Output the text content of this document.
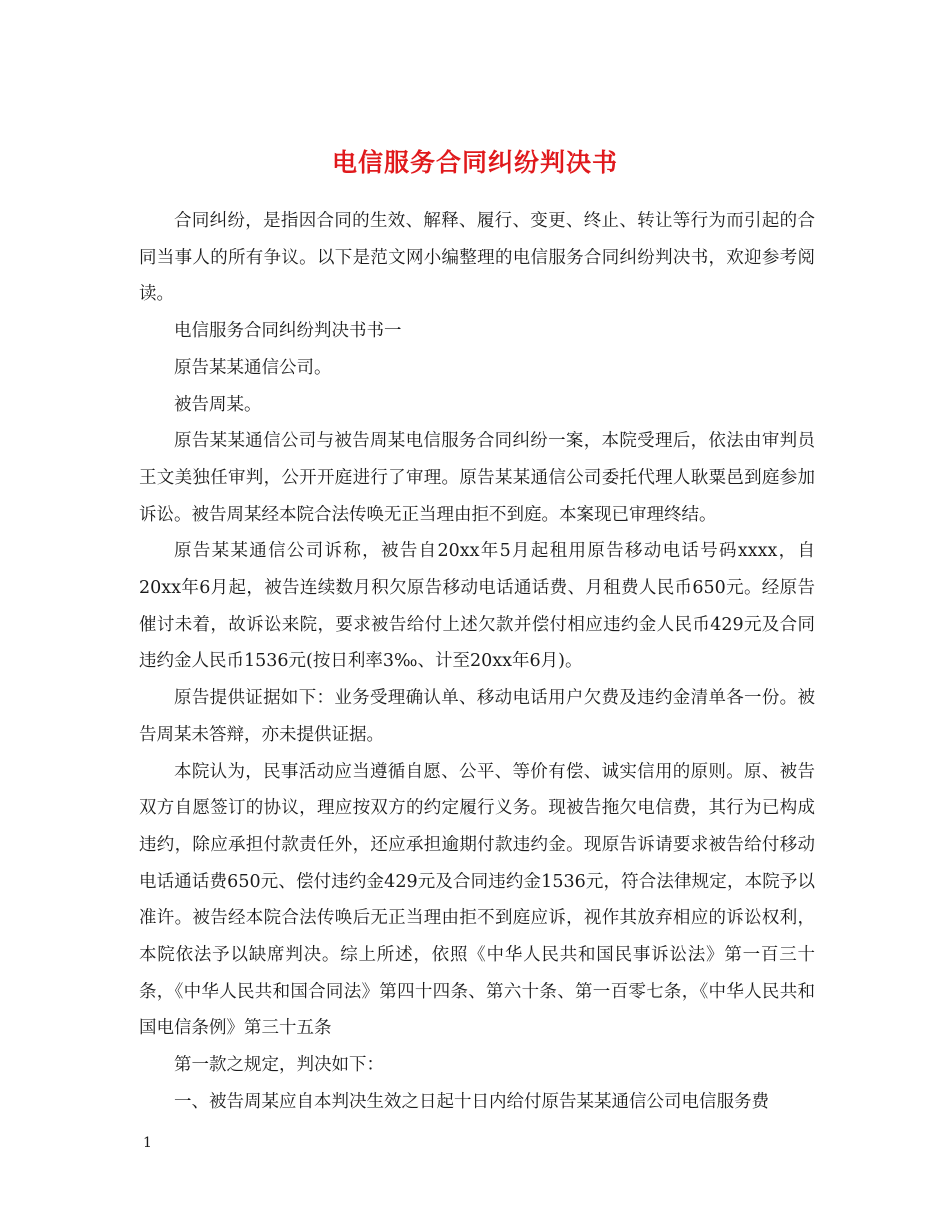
电信服务合同纠纷判决书

合同纠纷，是指因合同的生效、解释、履行、变更、终止、转让等行为而引起的合同当事人的所有争议。以下是范文网小编整理的电信服务合同纠纷判决书，欢迎参考阅读。

电信服务合同纠纷判决书书一

原告某某通信公司。

被告周某。

原告某某通信公司与被告周某电信服务合同纠纷一案，本院受理后，依法由审判员王文美独任审判，公开开庭进行了审理。原告某某通信公司委托代理人耿粟邑到庭参加诉讼。被告周某经本院合法传唤无正当理由拒不到庭。本案现已审理终结。

原告某某通信公司诉称，被告自20xx年5月起租用原告移动电话号码xxxx，自20xx年6月起，被告连续数月积欠原告移动电话通话费、月租费人民币650元。经原告催讨未着，故诉讼来院，要求被告给付上述欠款并偿付相应违约金人民币429元及合同违约金人民币1536元(按日利率3‰、计至20xx年6月)。

原告提供证据如下：业务受理确认单、移动电话用户欠费及违约金清单各一份。被告周某未答辩，亦未提供证据。

本院认为，民事活动应当遵循自愿、公平、等价有偿、诚实信用的原则。原、被告双方自愿签订的协议，理应按双方的约定履行义务。现被告拖欠电信费，其行为已构成违约，除应承担付款责任外，还应承担逾期付款违约金。现原告诉请要求被告给付移动电话通话费650元、偿付违约金429元及合同违约金1536元，符合法律规定，本院予以准许。被告经本院合法传唤后无正当理由拒不到庭应诉，视作其放弃相应的诉讼权利，本院依法予以缺席判决。综上所述，依照《中华人民共和国民事诉讼法》第一百三十条，《中华人民共和国合同法》第四十四条、第六十条、第一百零七条，《中华人民共和国电信条例》第三十五条

第一款之规定，判决如下：

一、被告周某应自本判决生效之日起十日内给付原告某某通信公司电信服务费

1
